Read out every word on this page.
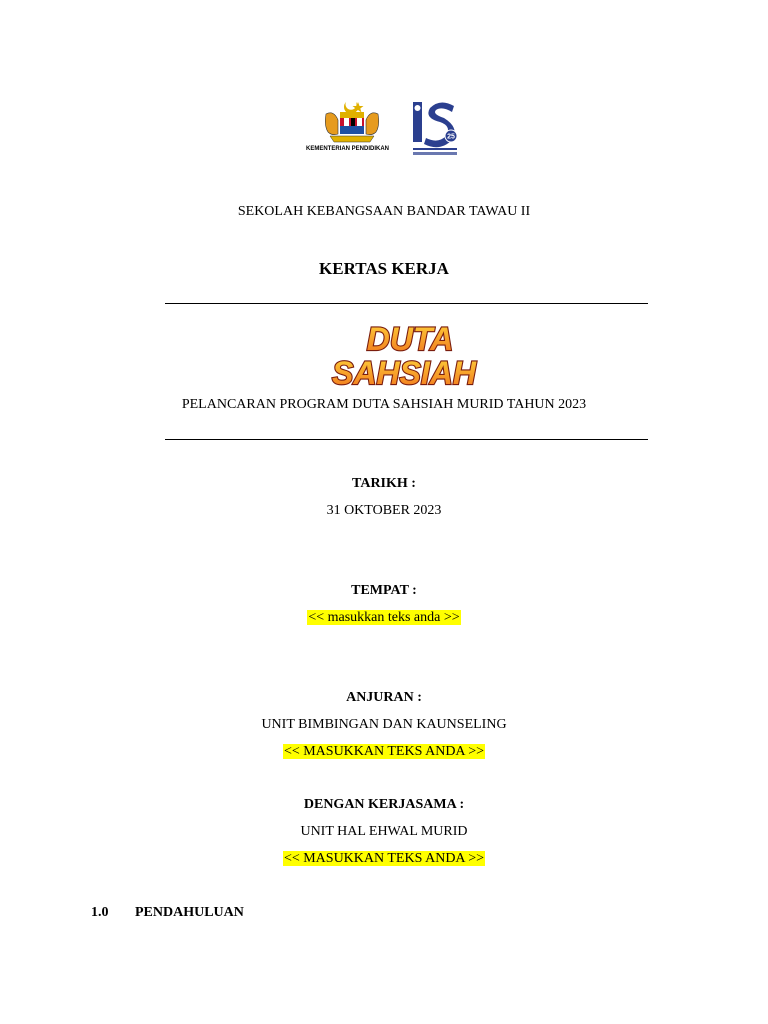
KEMENTERIAN PENDIDIKAN
25
SEKOLAH KEBANGSAAN BANDAR TAWAU II
KERTAS KERJA
DUTA
SAHSIAH
PELANCARAN PROGRAM DUTA SAHSIAH MURID TAHUN 2023
TARIKH :
31 OKTOBER 2023
TEMPAT :
<< masukkan teks anda >>
ANJURAN :
UNIT BIMBINGAN DAN KAUNSELING
<< MASUKKAN TEKS ANDA >>
DENGAN KERJASAMA :
UNIT HAL EHWAL MURID
<< MASUKKAN TEKS ANDA >>
1.0 PENDAHULUAN
